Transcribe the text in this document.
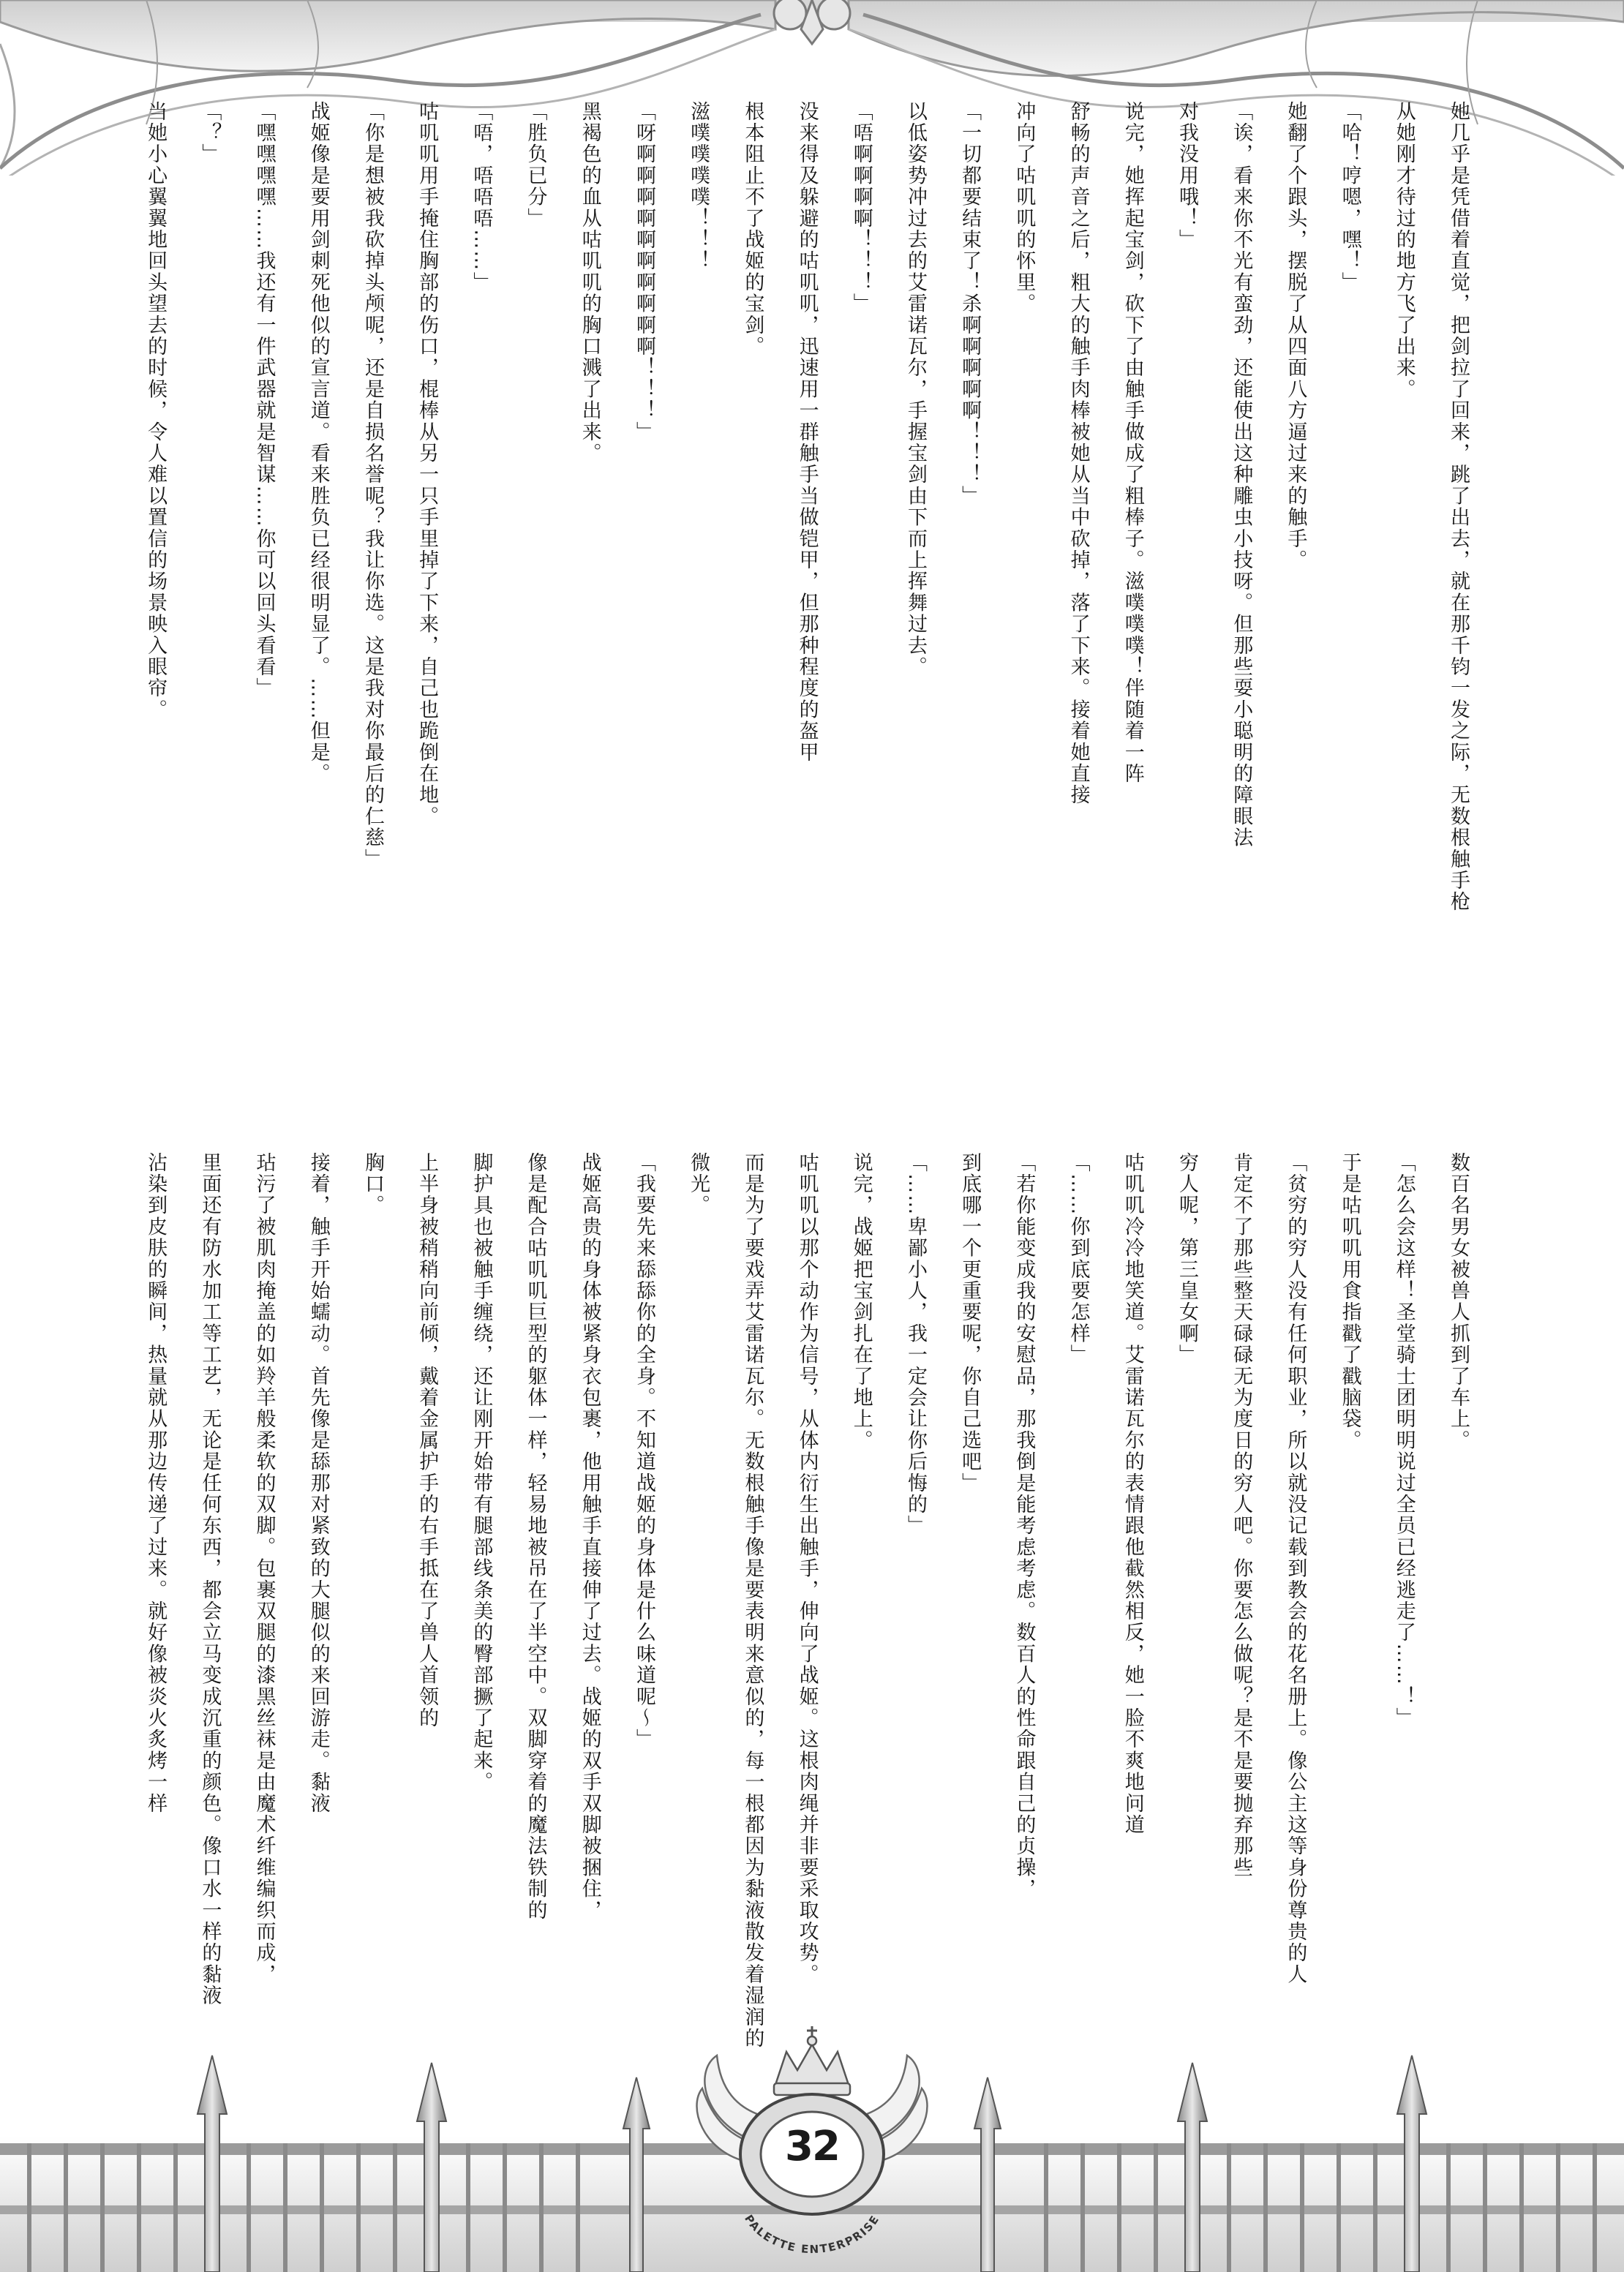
她几乎是凭借着直觉，把剑拉了回来，跳了出去，就在那千钧一发之际，无数根触手枪

从她刚才待过的地方飞了出来。

「哈！哼嗯，嘿！」

她翻了个跟头，摆脱了从四面八方逼过来的触手。

「诶，看来你不光有蛮劲，还能使出这种雕虫小技呀。但那些耍小聪明的障眼法

对我没用哦！」

说完，她挥起宝剑，砍下了由触手做成了粗棒子。滋噗噗噗！伴随着一阵

舒畅的声音之后，粗大的触手肉棒被她从当中砍掉，落了下来。接着她直接

冲向了咕叽叽的怀里。

「一切都要结束了！杀啊啊啊啊啊！！！」

以低姿势冲过去的艾雷诺瓦尔，手握宝剑由下而上挥舞过去。

「唔啊啊啊啊！！！」

没来得及躲避的咕叽叽，迅速用一群触手当做铠甲，但那种程度的盔甲

根本阻止不了战姬的宝剑。

滋噗噗噗噗！！！

「呀啊啊啊啊啊啊啊啊啊啊！！！」

黑褐色的血从咕叽叽的胸口溅了出来。

「胜负已分」

「唔，唔唔唔……」

咕叽叽用手掩住胸部的伤口，棍棒从另一只手里掉了下来，自己也跪倒在地。

「你是想被我砍掉头颅呢，还是自损名誉呢？我让你选。这是我对你最后的仁慈」

战姬像是要用剑刺死他似的宣言道。看来胜负已经很明显了。……但是。

「嘿嘿嘿嘿……我还有一件武器就是智谋……你可以回头看看」

「？」

当她小心翼翼地回头望去的时候，令人难以置信的场景映入眼帘。

数百名男女被兽人抓到了车上。

「怎么会这样！圣堂骑士团明明说过全员已经逃走了……！」

于是咕叽叽用食指戳了戳脑袋。

「贫穷的穷人没有任何职业，所以就没记载到教会的花名册上。像公主这等身份尊贵的人

肯定不了那些整天碌碌无为度日的穷人吧。你要怎么做呢？是不是要抛弃那些

穷人呢，第三皇女啊」

咕叽叽冷冷地笑道。艾雷诺瓦尔的表情跟他截然相反，她一脸不爽地问道

「……你到底要怎样」

「若你能变成我的安慰品，那我倒是能考虑考虑。数百人的性命跟自己的贞操，

到底哪一个更重要呢，你自己选吧」

「……卑鄙小人，我一定会让你后悔的」

说完，战姬把宝剑扎在了地上。

咕叽叽以那个动作为信号，从体内衍生出触手，伸向了战姬。这根肉绳并非要采取攻势。

而是为了要戏弄艾雷诺瓦尔。无数根触手像是要表明来意似的，每一根都因为黏液散发着湿润的

微光。

「我要先来舔舔你的全身。不知道战姬的身体是什么味道呢～」

战姬高贵的身体被紧身衣包裹，他用触手直接伸了过去。战姬的双手双脚被捆住，

像是配合咕叽叽巨型的躯体一样，轻易地被吊在了半空中。双脚穿着的魔法铁制的

脚护具也被触手缠绕，还让刚开始带有腿部线条美的臀部撅了起来。

上半身被稍稍向前倾，戴着金属护手的右手抵在了兽人首领的

胸口。

接着，触手开始蠕动。首先像是舔那对紧致的大腿似的来回游走。黏液

玷污了被肌肉掩盖的如羚羊般柔软的双脚。包裹双腿的漆黑丝袜是由魔术纤维编织而成，

里面还有防水加工等工艺，无论是任何东西，都会立马变成沉重的颜色。像口水一样的黏液

沾染到皮肤的瞬间，热量就从那边传递了过来。就好像被炎火炙烤一样

PALETTE ENTERPRISE
32
